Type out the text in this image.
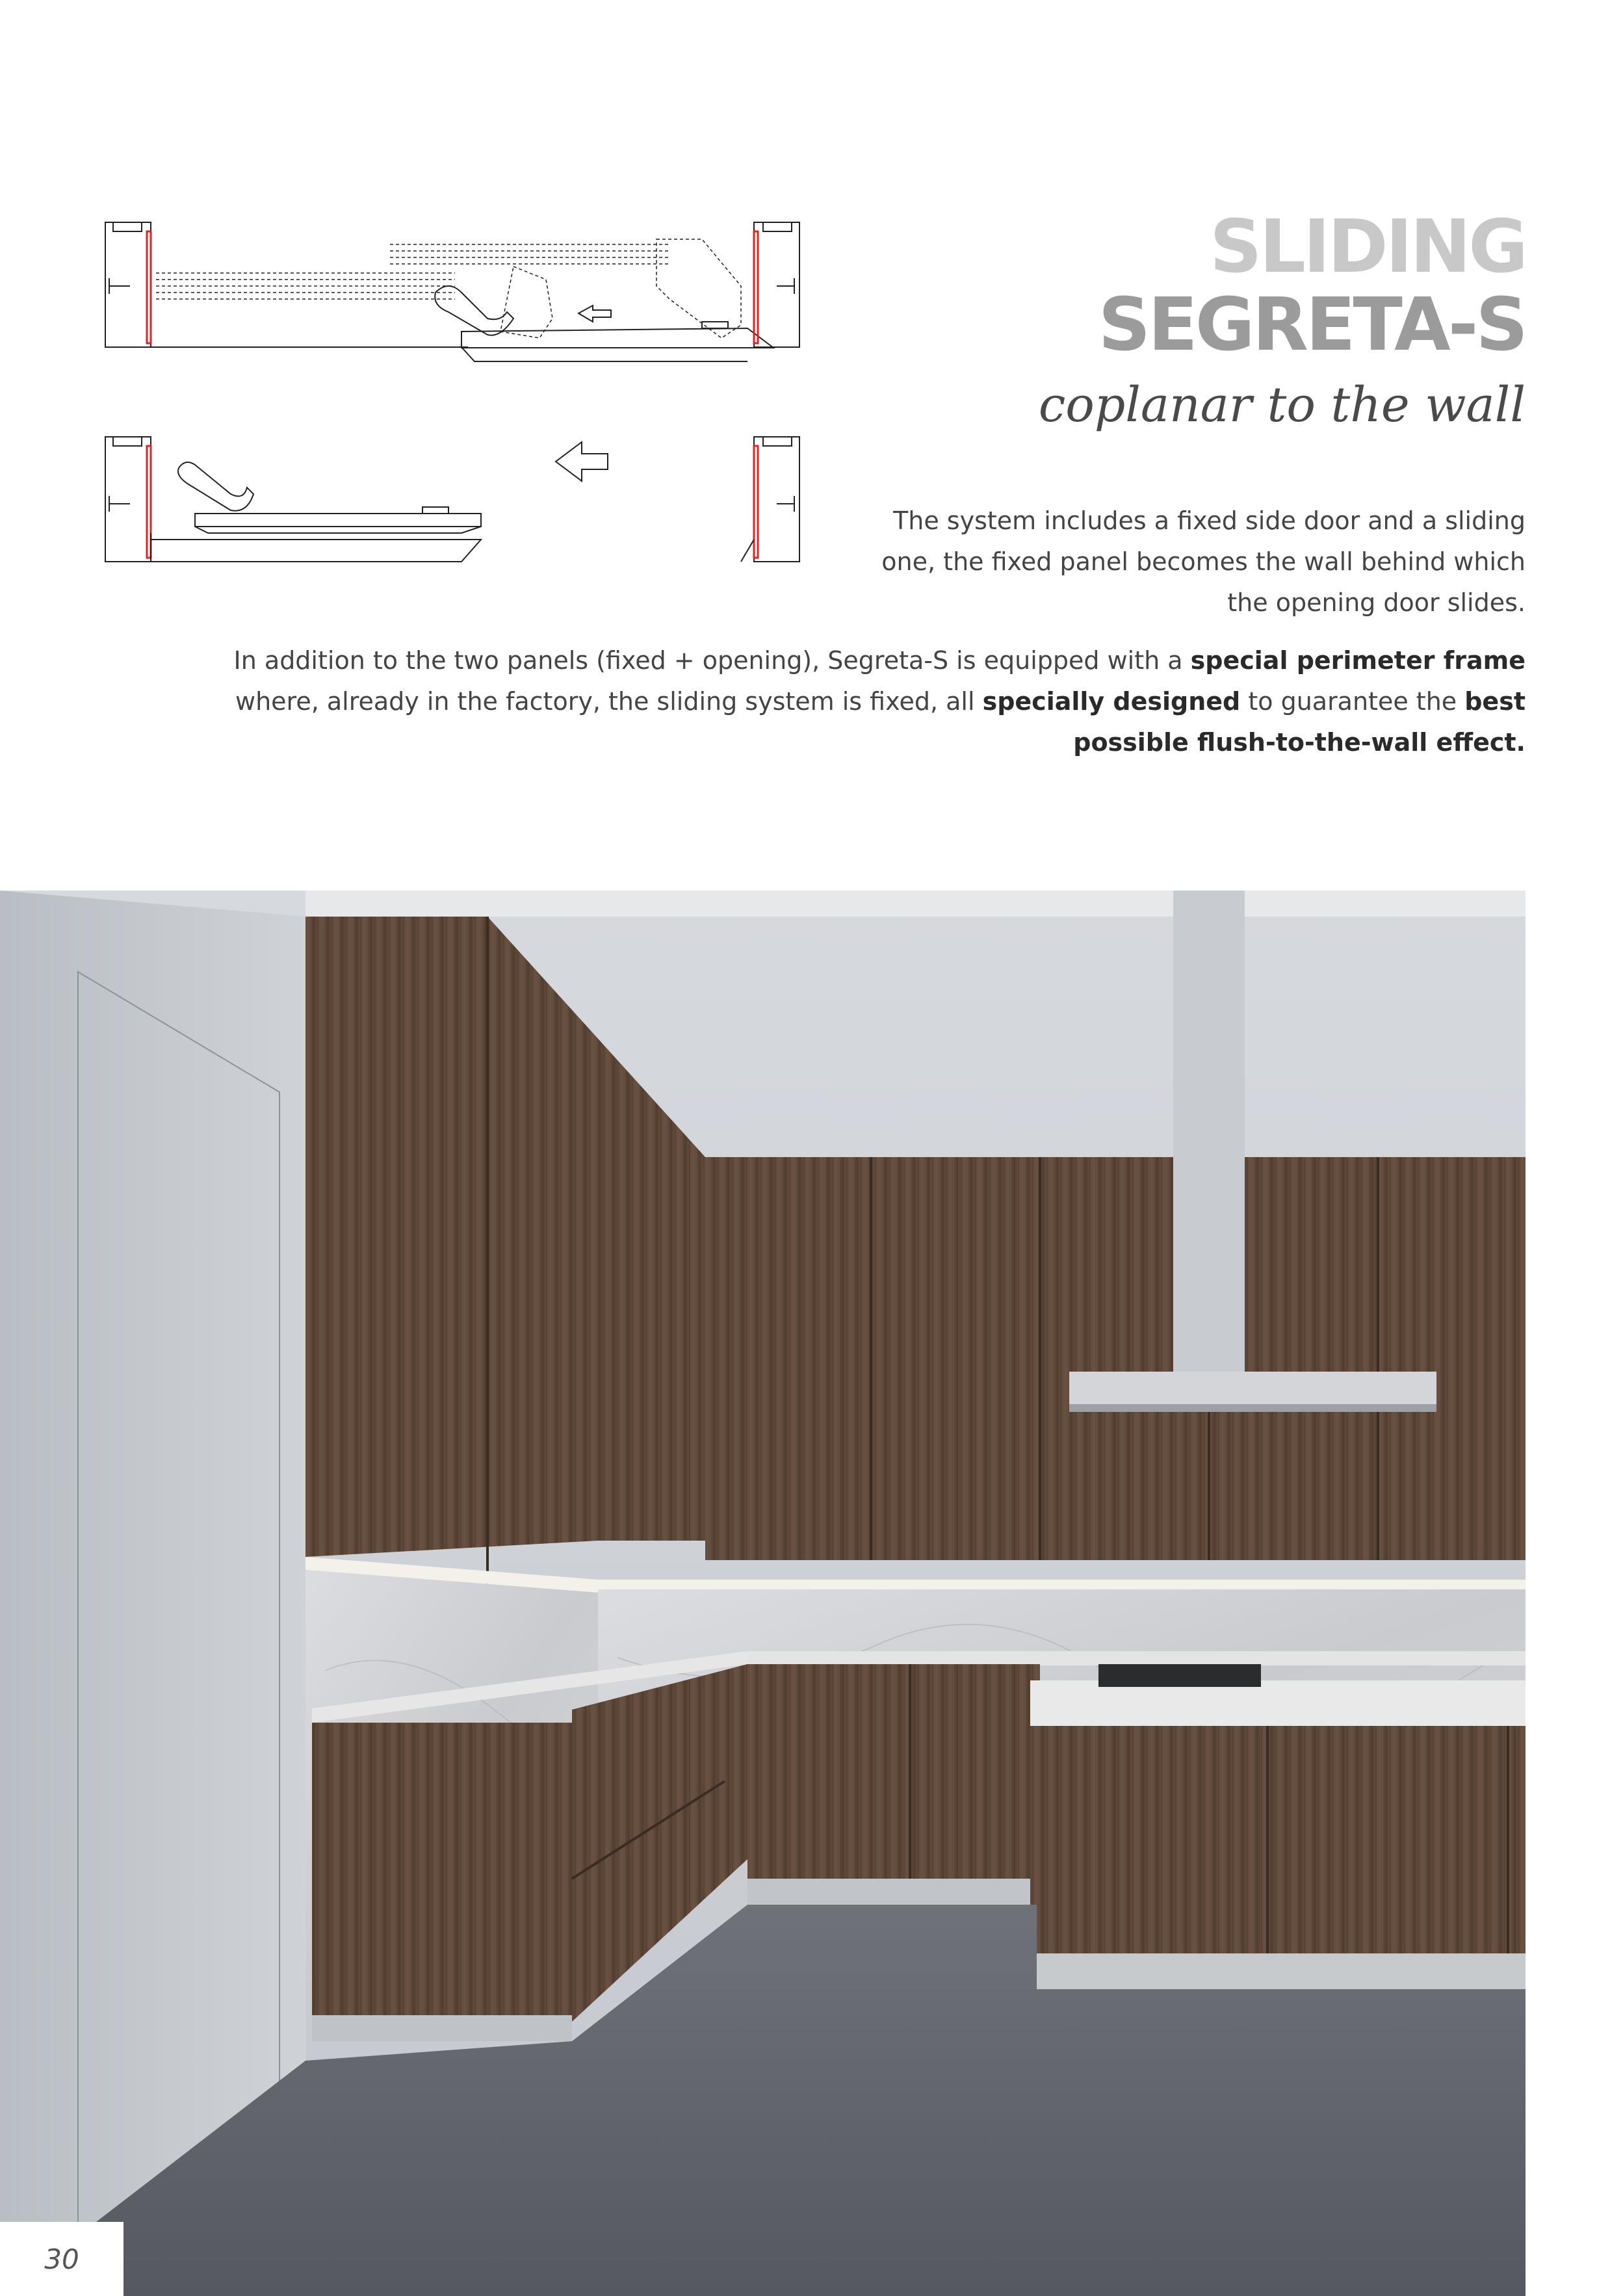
SLIDING
SEGRETA-S
coplanar to the wall
The system includes a fixed side door and a sliding one, the fixed panel becomes the wall behind which the opening door slides.
In addition to the two panels (fixed + opening), Segreta-S is equipped with a special perimeter frame where, already in the factory, the sliding system is fixed, all specially designed to guarantee the best possible flush-to-the-wall effect.
30
